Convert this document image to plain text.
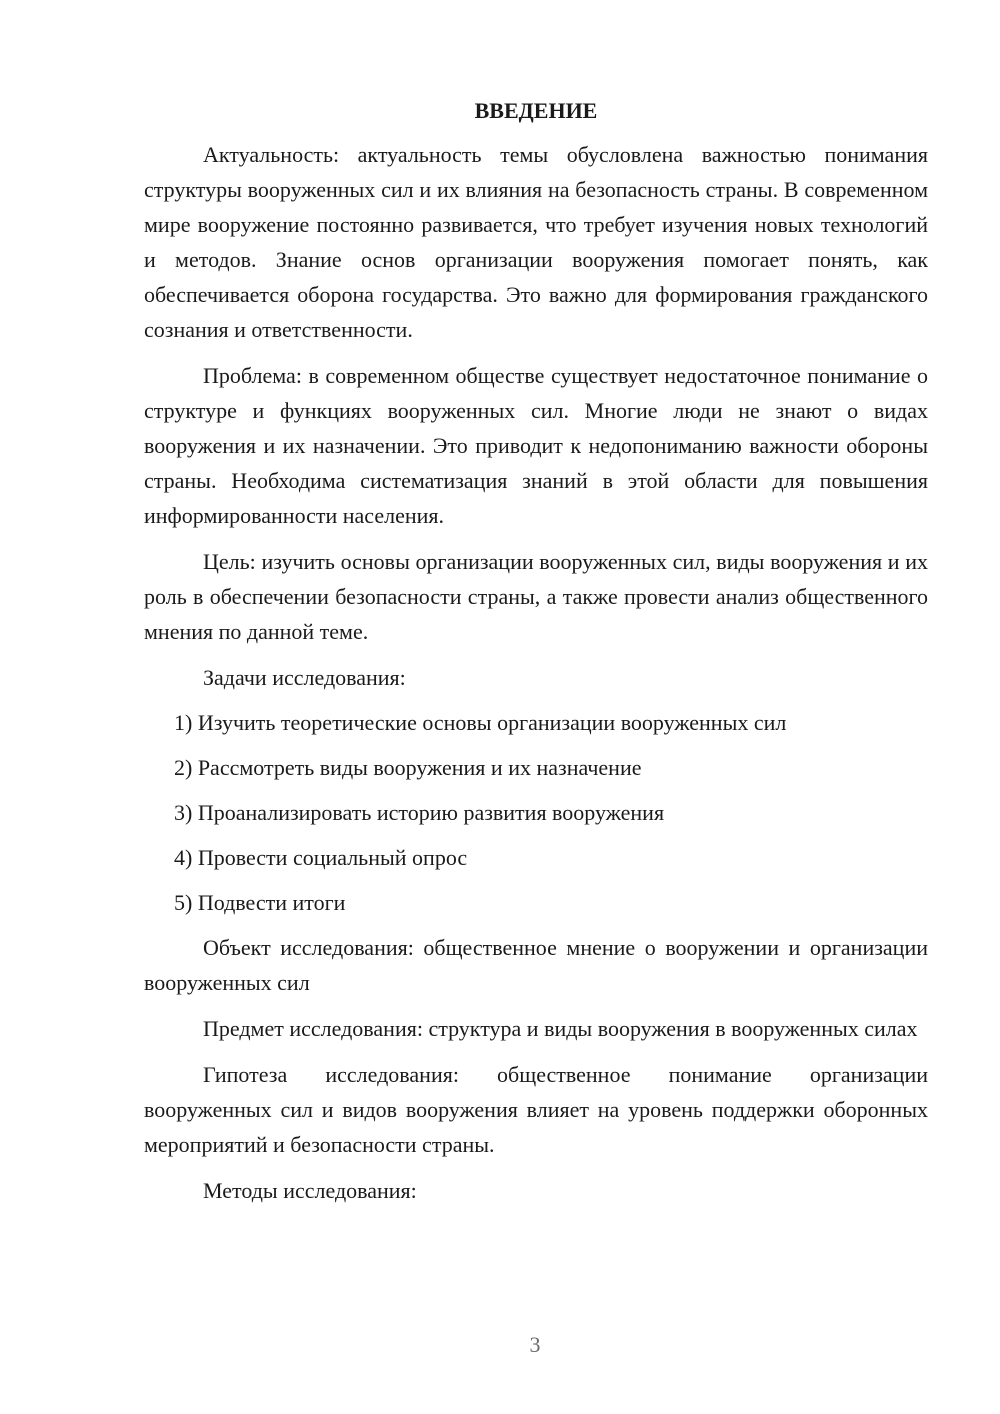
ВВЕДЕНИЕ

Актуальность: актуальность темы обусловлена важностью понимания структуры вооруженных сил и их влияния на безопасность страны. В современном мире вооружение постоянно развивается, что требует изучения новых технологий и методов. Знание основ организации вооружения помогает понять, как обеспечивается оборона государства. Это важно для формирования гражданского сознания и ответственности.

Проблема: в современном обществе существует недостаточное понимание о структуре и функциях вооруженных сил. Многие люди не знают о видах вооружения и их назначении. Это приводит к недопониманию важности обороны страны. Необходима систематизация знаний в этой области для повышения информированности населения.

Цель: изучить основы организации вооруженных сил, виды вооружения и их роль в обеспечении безопасности страны, а также провести анализ общественного мнения по данной теме.

Задачи исследования:

1) Изучить теоретические основы организации вооруженных сил
2) Рассмотреть виды вооружения и их назначение
3) Проанализировать историю развития вооружения
4) Провести социальный опрос
5) Подвести итоги

Объект исследования: общественное мнение о вооружении и организации вооруженных сил

Предмет исследования: структура и виды вооружения в вооруженных силах

Гипотеза исследования: общественное понимание организации вооруженных сил и видов вооружения влияет на уровень поддержки оборонных мероприятий и безопасности страны.

Методы исследования:

3
